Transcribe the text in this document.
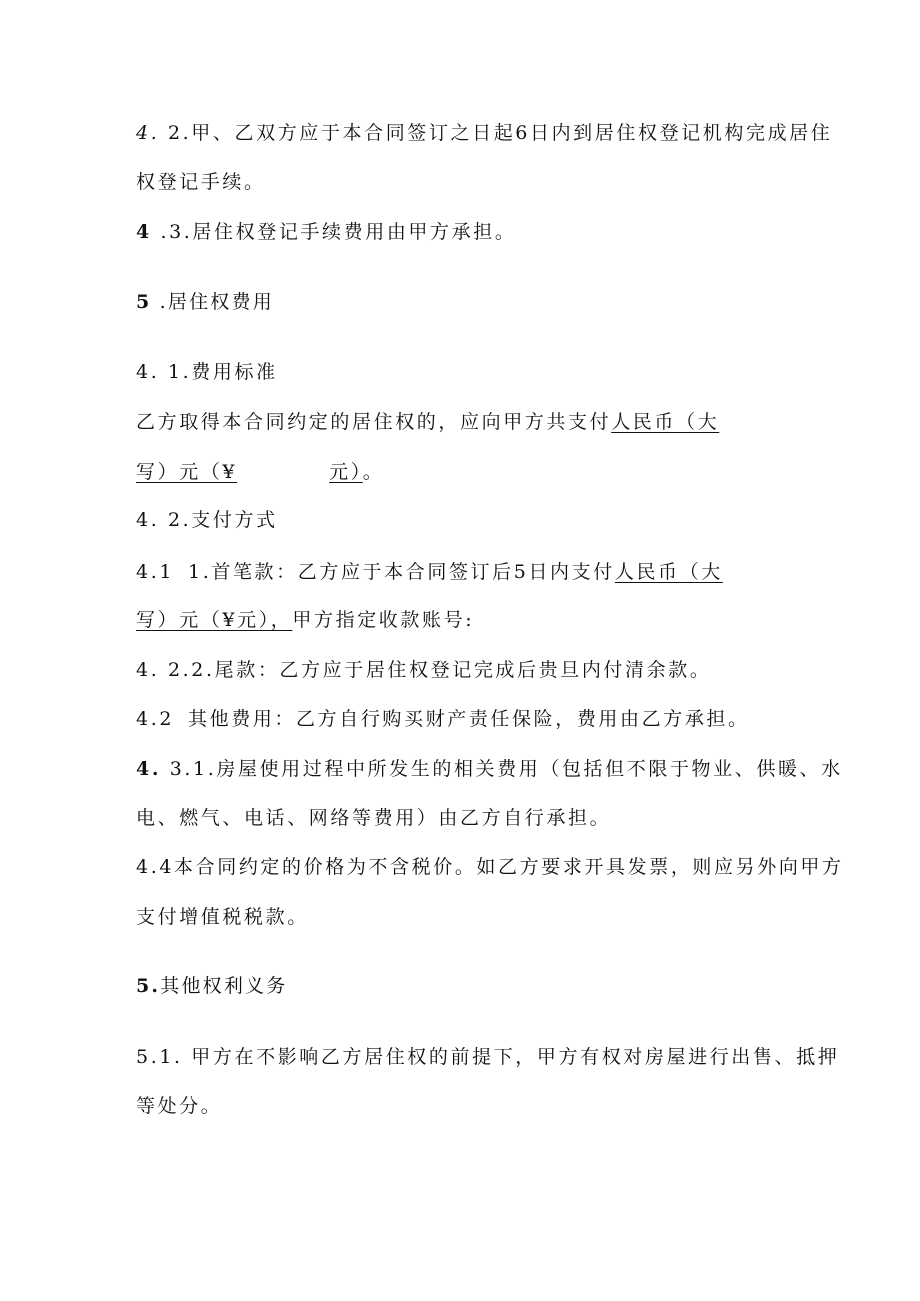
4. 2.甲、乙双方应于本合同签订之日起6日内到居住权登记机构完成居住
权登记手续。
4 .3.居住权登记手续费用由甲方承担。
5 .居住权费用
4. 1.费用标准
乙方取得本合同约定的居住权的，应向甲方共支付人民币（大
写）元（¥	元）。
4. 2.支付方式
4.1 1.首笔款：乙方应于本合同签订后5日内支付人民币（大
写）元（¥元），甲方指定收款账号:
4. 2.2.尾款：乙方应于居住权登记完成后贵旦内付清余款。
4.2 其他费用：乙方自行购买财产责任保险，费用由乙方承担。
4. 3.1.房屋使用过程中所发生的相关费用（包括但不限于物业、供暖、水
电、燃气、电话、网络等费用）由乙方自行承担。
4.4本合同约定的价格为不含税价。如乙方要求开具发票，则应另外向甲方
支付增值税税款。
5.其他权利义务
5.1. 甲方在不影响乙方居住权的前提下，甲方有权对房屋进行出售、抵押
等处分。
